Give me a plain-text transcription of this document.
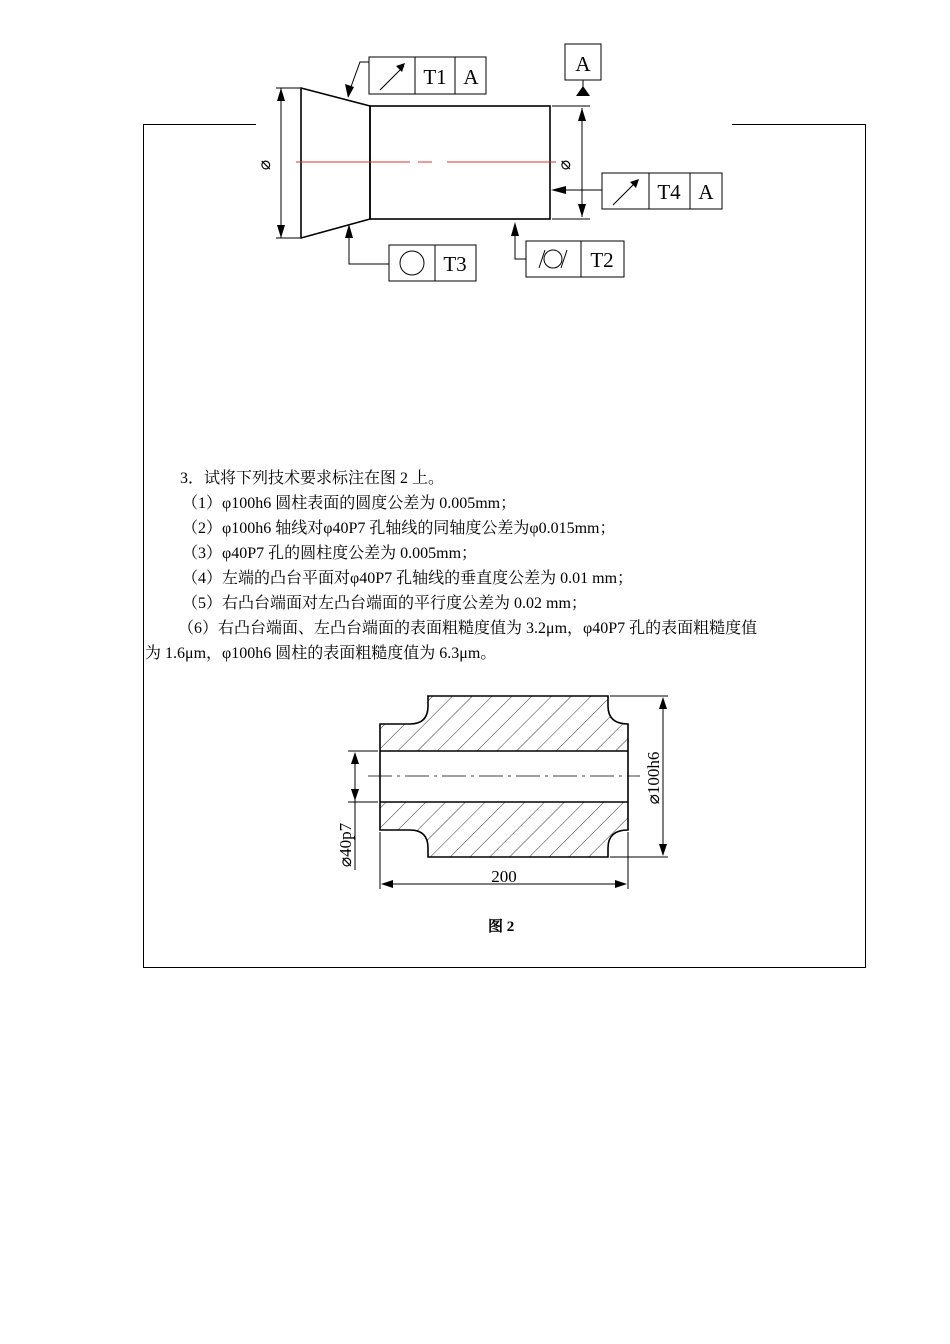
⌀	⌀
A
T1 A
T4 A
T3	T2
3．试将下列技术要求标注在图 2 上。
（1）φ100h6 圆柱表面的圆度公差为 0.005mm；
（2）φ100h6 轴线对φ40P7 孔轴线的同轴度公差为φ0.015mm；
（3）φ40P7 孔的圆柱度公差为 0.005mm；
（4）左端的凸台平面对φ40P7 孔轴线的垂直度公差为 0.01 mm；
（5）右凸台端面对左凸台端面的平行度公差为 0.02 mm；
（6）右凸台端面、左凸台端面的表面粗糙度值为 3.2μm，φ40P7 孔的表面粗糙度值
为 1.6μm，φ100h6 圆柱的表面粗糙度值为 6.3μm。
⌀100h6
⌀40p7
200
图 2
